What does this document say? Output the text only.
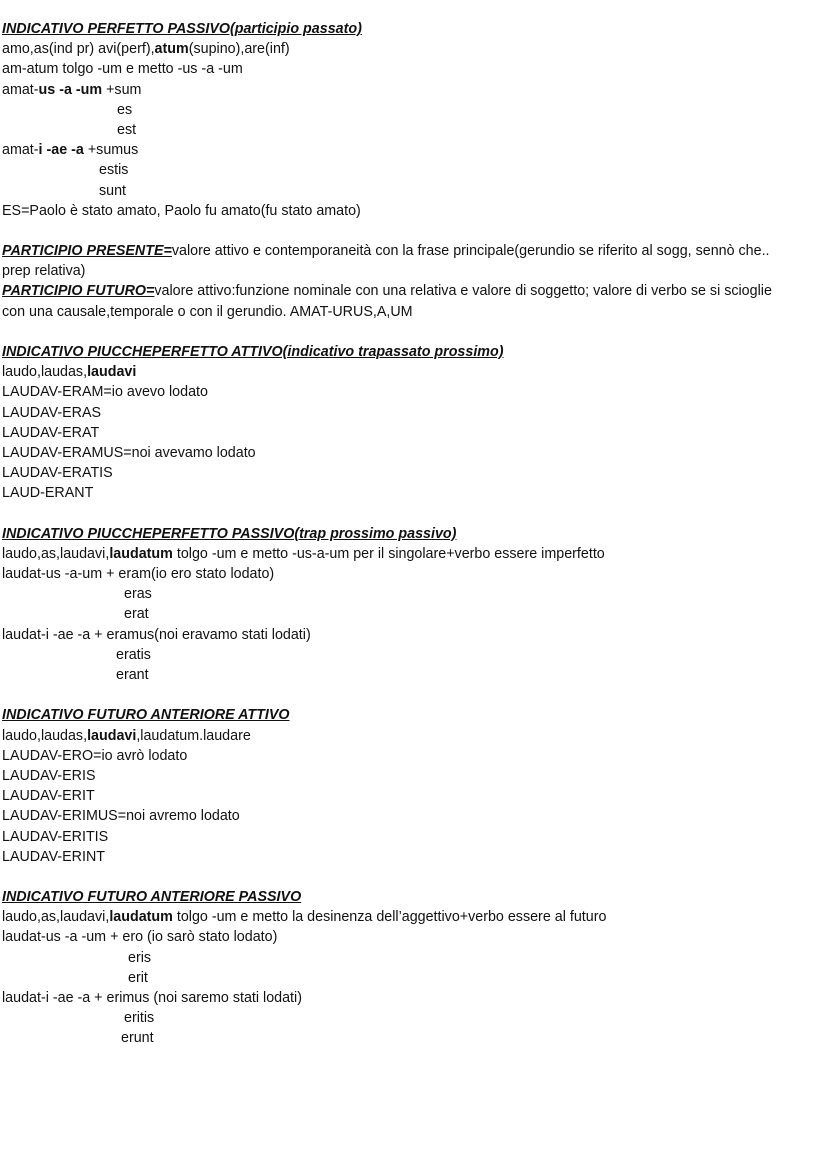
INDICATIVO PERFETTO PASSIVO(participio passato)
amo,as(ind pr) avi(perf),atum(supino),are(inf)
am-atum tolgo -um e metto -us -a -um
amat-us -a -um +sum
es
est
amat-i -ae -a +sumus
estis
sunt
ES=Paolo è stato amato, Paolo fu amato(fu stato amato)
PARTICIPIO PRESENTE=valore attivo e contemporaneità con la frase principale(gerundio se riferito al sogg, sennò che..
prep relativa)
PARTICIPIO FUTURO=valore attivo:funzione nominale con una relativa e valore di soggetto; valore di verbo se si scioglie
con una causale,temporale o con il gerundio. AMAT-URUS,A,UM
INDICATIVO PIUCCHEPERFETTO ATTIVO(indicativo trapassato prossimo)
laudo,laudas,laudavi
LAUDAV-ERAM=io avevo lodato
LAUDAV-ERAS
LAUDAV-ERAT
LAUDAV-ERAMUS=noi avevamo lodato
LAUDAV-ERATIS
LAUD-ERANT
INDICATIVO PIUCCHEPERFETTO PASSIVO(trap prossimo passivo)
laudo,as,laudavi,laudatum tolgo -um e metto -us-a-um per il singolare+verbo essere imperfetto
laudat-us -a-um + eram(io ero stato lodato)
eras
erat
laudat-i -ae -a + eramus(noi eravamo stati lodati)
eratis
erant
INDICATIVO FUTURO ANTERIORE ATTIVO
laudo,laudas,laudavi,laudatum.laudare
LAUDAV-ERO=io avrò lodato
LAUDAV-ERIS
LAUDAV-ERIT
LAUDAV-ERIMUS=noi avremo lodato
LAUDAV-ERITIS
LAUDAV-ERINT
INDICATIVO FUTURO ANTERIORE PASSIVO
laudo,as,laudavi,laudatum tolgo -um e metto la desinenza dell’aggettivo+verbo essere al futuro
laudat-us -a -um + ero (io sarò stato lodato)
eris
erit
laudat-i -ae -a + erimus (noi saremo stati lodati)
eritis
erunt
